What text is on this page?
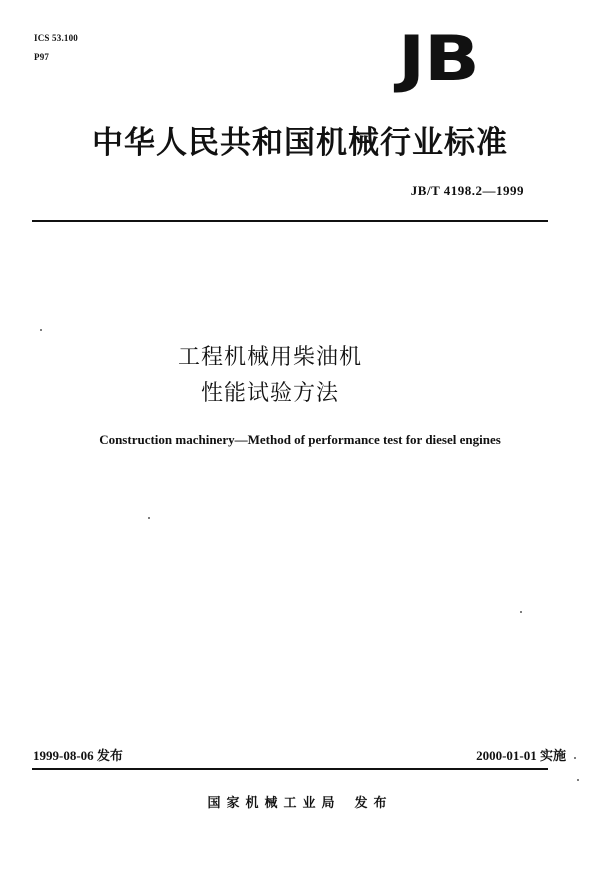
ICS 53.100
P97	JB
中华人民共和国机械行业标准
JB/T 4198.2—1999
工程机械用柴油机
性能试验方法
Construction machinery—Method of performance test for diesel engines
1999-08-06 发布	2000-01-01 实施
国家机械工业局 发布
